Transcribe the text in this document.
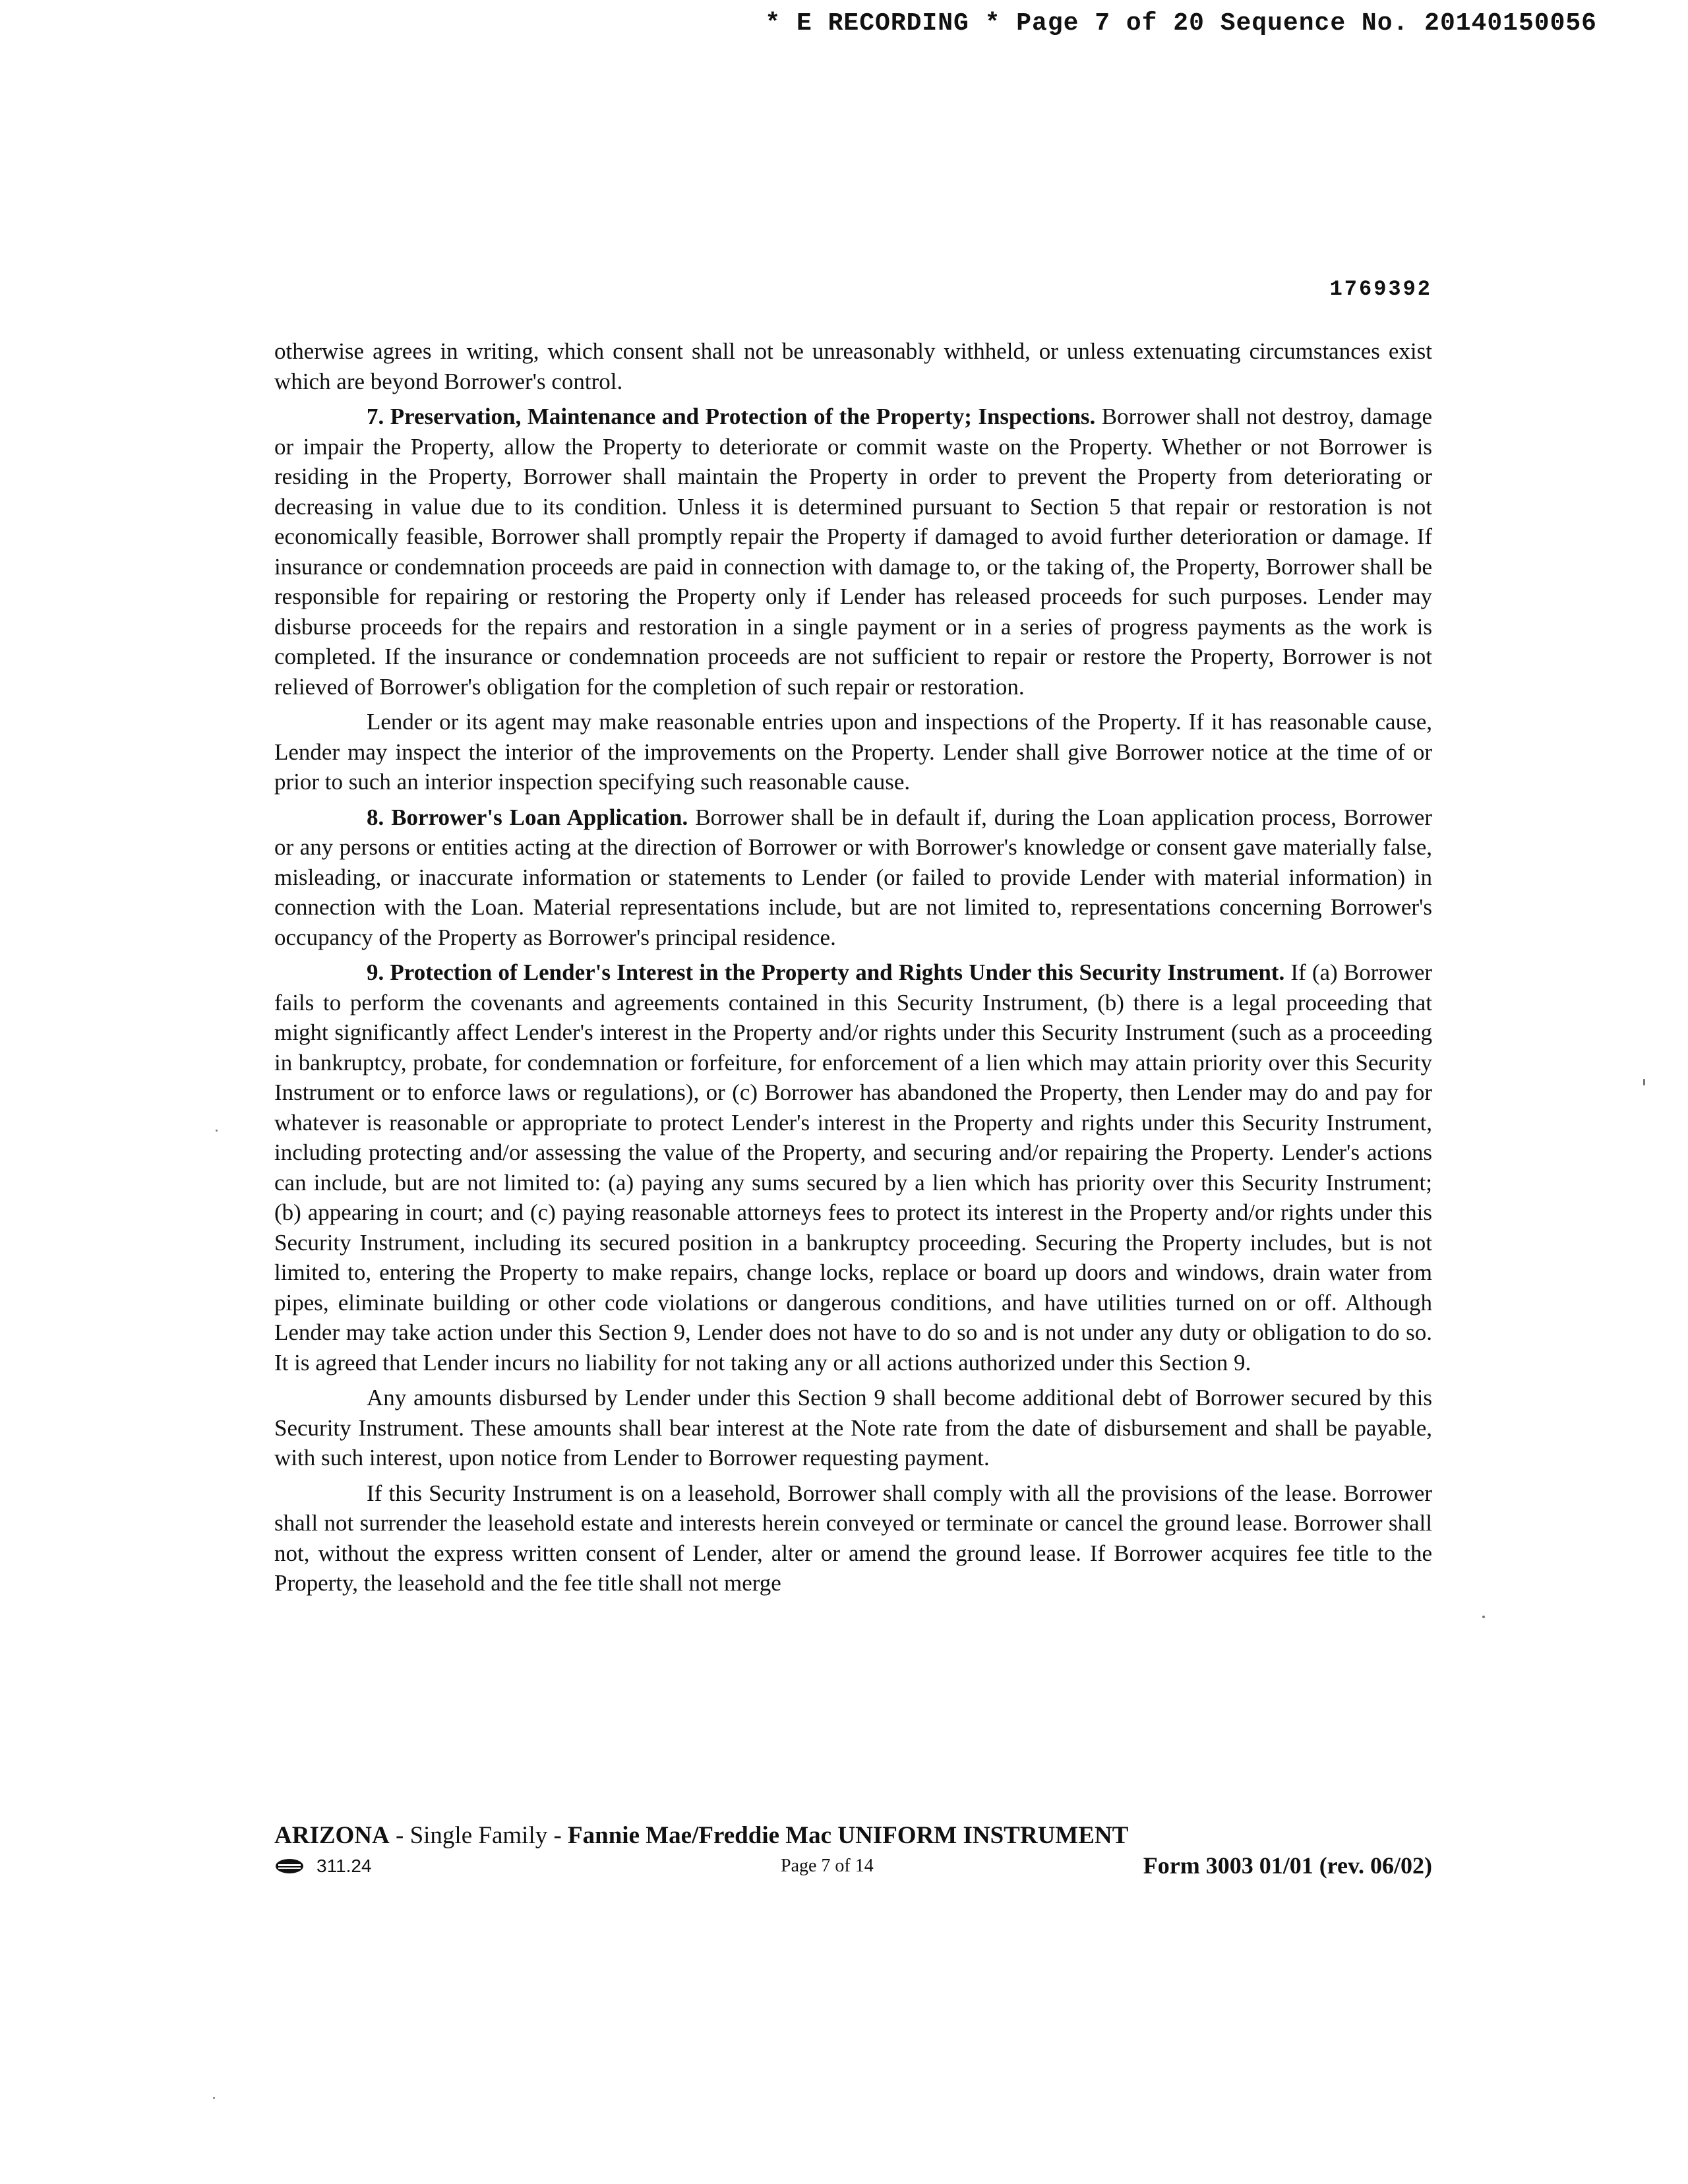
* E RECORDING * Page 7 of 20 Sequence No. 20140150056
1769392

otherwise agrees in writing, which consent shall not be unreasonably withheld, or unless extenuating circumstances exist which are beyond Borrower's control.

7. Preservation, Maintenance and Protection of the Property; Inspections. Borrower shall not destroy, damage or impair the Property, allow the Property to deteriorate or commit waste on the Property. Whether or not Borrower is residing in the Property, Borrower shall maintain the Property in order to prevent the Property from deteriorating or decreasing in value due to its condition. Unless it is determined pursuant to Section 5 that repair or restoration is not economically feasible, Borrower shall promptly repair the Property if damaged to avoid further deterioration or damage. If insurance or condemnation proceeds are paid in connection with damage to, or the taking of, the Property, Borrower shall be responsible for repairing or restoring the Property only if Lender has released proceeds for such purposes. Lender may disburse proceeds for the repairs and restoration in a single payment or in a series of progress payments as the work is completed. If the insurance or condemnation proceeds are not sufficient to repair or restore the Property, Borrower is not relieved of Borrower's obligation for the completion of such repair or restoration.

Lender or its agent may make reasonable entries upon and inspections of the Property. If it has reasonable cause, Lender may inspect the interior of the improvements on the Property. Lender shall give Borrower notice at the time of or prior to such an interior inspection specifying such reasonable cause.

8. Borrower's Loan Application. Borrower shall be in default if, during the Loan application process, Borrower or any persons or entities acting at the direction of Borrower or with Borrower's knowledge or consent gave materially false, misleading, or inaccurate information or statements to Lender (or failed to provide Lender with material information) in connection with the Loan. Material representations include, but are not limited to, representations concerning Borrower's occupancy of the Property as Borrower's principal residence.

9. Protection of Lender's Interest in the Property and Rights Under this Security Instrument. If (a) Borrower fails to perform the covenants and agreements contained in this Security Instrument, (b) there is a legal proceeding that might significantly affect Lender's interest in the Property and/or rights under this Security Instrument (such as a proceeding in bankruptcy, probate, for condemnation or forfeiture, for enforcement of a lien which may attain priority over this Security Instrument or to enforce laws or regulations), or (c) Borrower has abandoned the Property, then Lender may do and pay for whatever is reasonable or appropriate to protect Lender's interest in the Property and rights under this Security Instrument, including protecting and/or assessing the value of the Property, and securing and/or repairing the Property. Lender's actions can include, but are not limited to: (a) paying any sums secured by a lien which has priority over this Security Instrument; (b) appearing in court; and (c) paying reasonable attorneys fees to protect its interest in the Property and/or rights under this Security Instrument, including its secured position in a bankruptcy proceeding. Securing the Property includes, but is not limited to, entering the Property to make repairs, change locks, replace or board up doors and windows, drain water from pipes, eliminate building or other code violations or dangerous conditions, and have utilities turned on or off. Although Lender may take action under this Section 9, Lender does not have to do so and is not under any duty or obligation to do so. It is agreed that Lender incurs no liability for not taking any or all actions authorized under this Section 9.

Any amounts disbursed by Lender under this Section 9 shall become additional debt of Borrower secured by this Security Instrument. These amounts shall bear interest at the Note rate from the date of disbursement and shall be payable, with such interest, upon notice from Lender to Borrower requesting payment.

If this Security Instrument is on a leasehold, Borrower shall comply with all the provisions of the lease. Borrower shall not surrender the leasehold estate and interests herein conveyed or terminate or cancel the ground lease. Borrower shall not, without the express written consent of Lender, alter or amend the ground lease. If Borrower acquires fee title to the Property, the leasehold and the fee title shall not merge

ARIZONA - Single Family - Fannie Mae/Freddie Mac UNIFORM INSTRUMENT
311.24	Page 7 of 14	Form 3003 01/01 (rev. 06/02)
